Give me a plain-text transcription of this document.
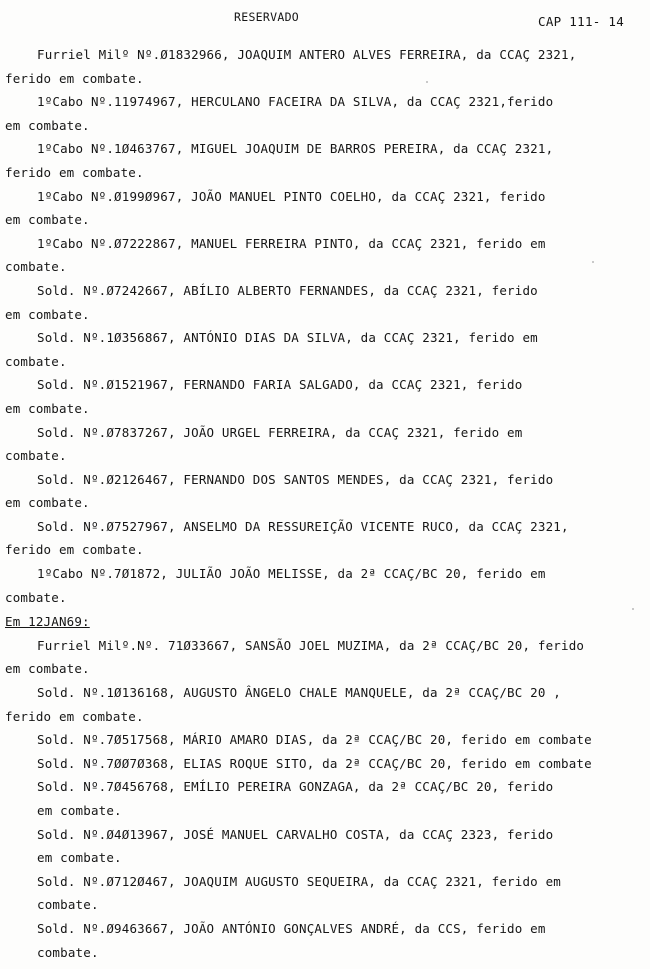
RESERVADO	CAP 111- 14
Furriel Milº Nº.Ø1832966, JOAQUIM ANTERO ALVES FERREIRA, da CCAÇ 2321,
ferido em combate.
1ºCabo Nº.11974967, HERCULANO FACEIRA DA SILVA, da CCAÇ 2321,ferido
em combate.
1ºCabo Nº.1Ø463767, MIGUEL JOAQUIM DE BARROS PEREIRA, da CCAÇ 2321,
ferido em combate.
1ºCabo Nº.Ø199Ø967, JOÃO MANUEL PINTO COELHO, da CCAÇ 2321, ferido
em combate.
1ºCabo Nº.Ø7222867, MANUEL FERREIRA PINTO, da CCAÇ 2321, ferido em
combate.
Sold. Nº.Ø7242667, ABÍLIO ALBERTO FERNANDES, da CCAÇ 2321, ferido
em combate.
Sold. Nº.1Ø356867, ANTÓNIO DIAS DA SILVA, da CCAÇ 2321, ferido em
combate.
Sold. Nº.Ø1521967, FERNANDO FARIA SALGADO, da CCAÇ 2321, ferido
em combate.
Sold. Nº.Ø7837267, JOÃO URGEL FERREIRA, da CCAÇ 2321, ferido em
combate.
Sold. Nº.Ø2126467, FERNANDO DOS SANTOS MENDES, da CCAÇ 2321, ferido
em combate.
Sold. Nº.Ø7527967, ANSELMO DA RESSUREIÇÃO VICENTE RUCO, da CCAÇ 2321,
ferido em combate.
1ºCabo Nº.7Ø1872, JULIÃO JOÃO MELISSE, da 2ª CCAÇ/BC 20, ferido em
combate.
Em 12JAN69:
Furriel Milº.Nº. 71Ø33667, SANSÃO JOEL MUZIMA, da 2ª CCAÇ/BC 20, ferido
em combate.
Sold. Nº.1Ø136168, AUGUSTO ÂNGELO CHALE MANQUELE, da 2ª CCAÇ/BC 20 ,
ferido em combate.
Sold. Nº.7Ø517568, MÁRIO AMARO DIAS, da 2ª CCAÇ/BC 20, ferido em combate
Sold. Nº.7ØØ7Ø368, ELIAS ROQUE SITO, da 2ª CCAÇ/BC 20, ferido em combate
Sold. Nº.7Ø456768, EMÍLIO PEREIRA GONZAGA, da 2ª CCAÇ/BC 20, ferido
em combate.
Sold. Nº.Ø4Ø13967, JOSÉ MANUEL CARVALHO COSTA, da CCAÇ 2323, ferido
em combate.
Sold. Nº.Ø712Ø467, JOAQUIM AUGUSTO SEQUEIRA, da CCAÇ 2321, ferido em
combate.
Sold. Nº.Ø9463667, JOÃO ANTÓNIO GONÇALVES ANDRÉ, da CCS, ferido em
combate.
